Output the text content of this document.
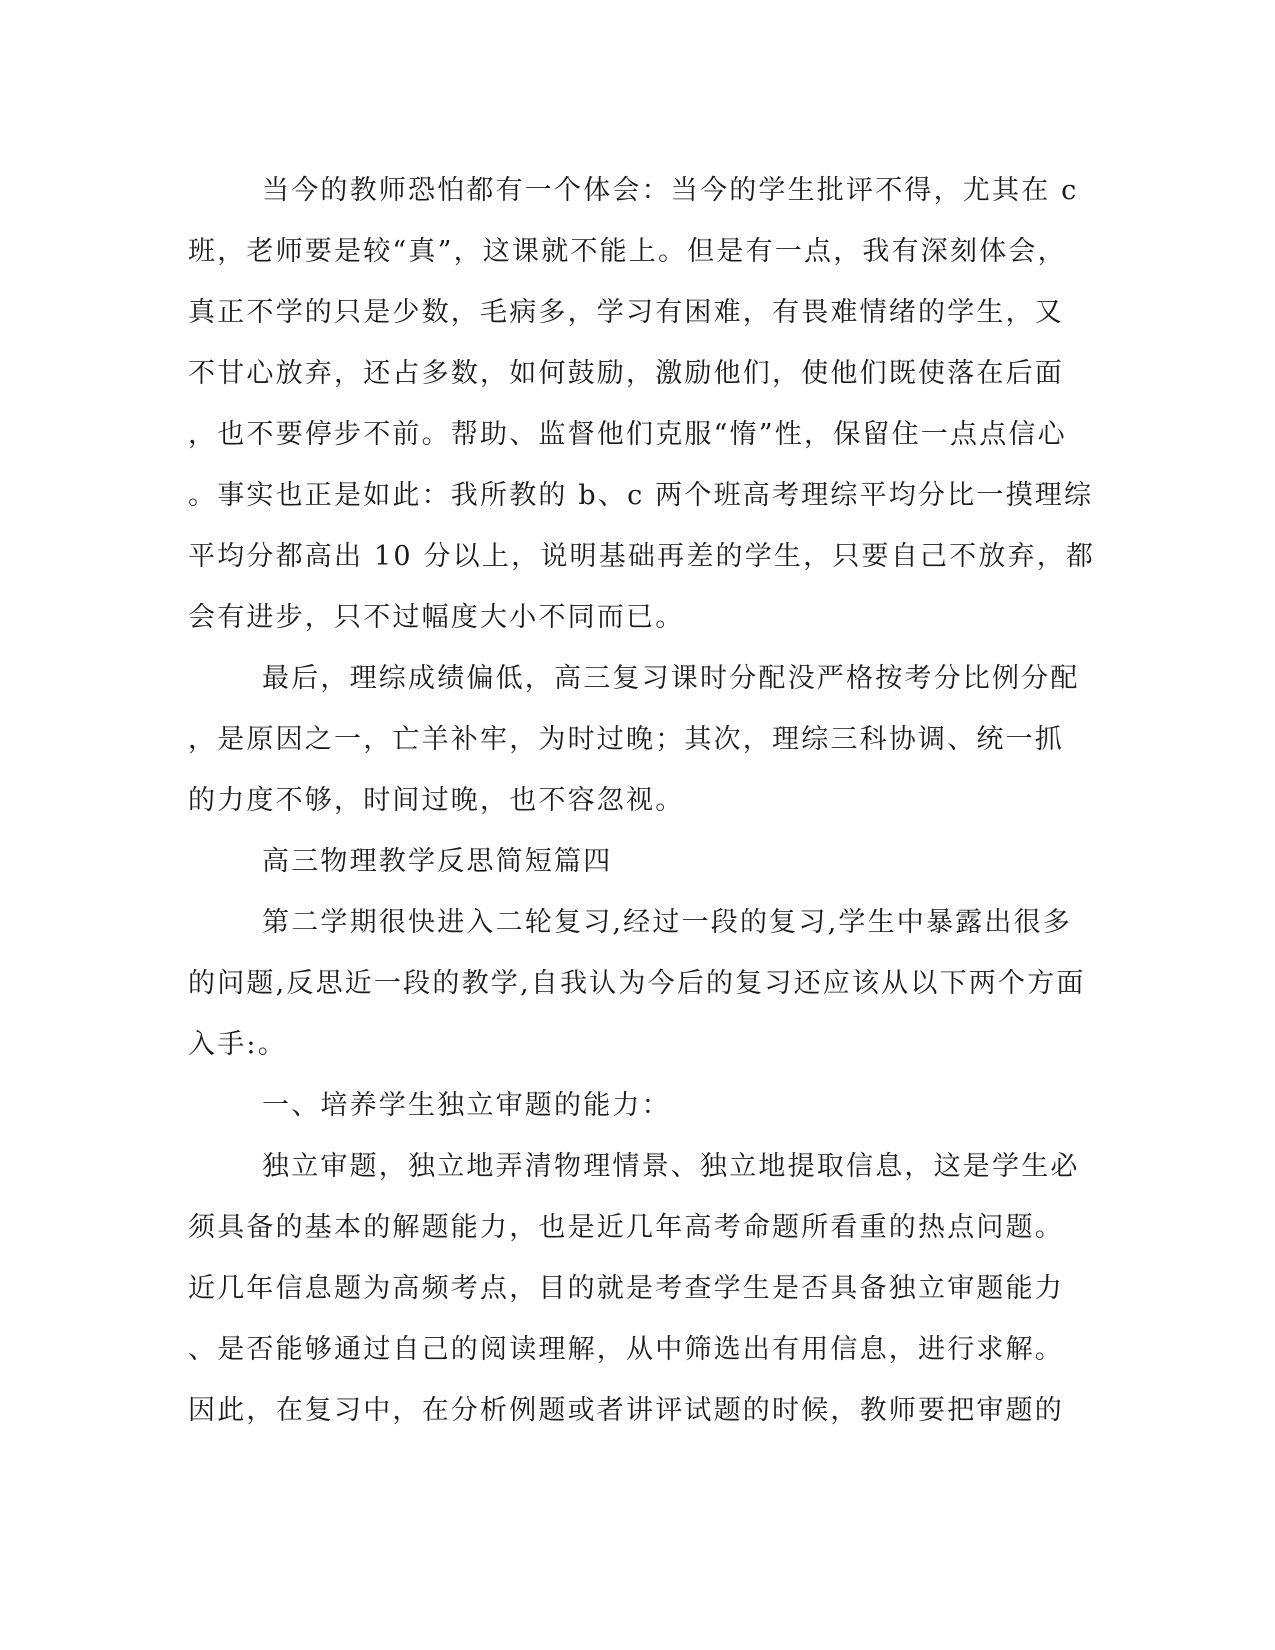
当今的教师恐怕都有一个体会：当今的学生批评不得，尤其在 c
班，老师要是较“真”，这课就不能上。但是有一点，我有深刻体会，
真正不学的只是少数，毛病多，学习有困难，有畏难情绪的学生，又
不甘心放弃，还占多数，如何鼓励，激励他们，使他们既使落在后面
，也不要停步不前。帮助、监督他们克服“惰”性，保留住一点点信心
。事实也正是如此：我所教的 b、c 两个班高考理综平均分比一摸理综
平均分都高出 10 分以上，说明基础再差的学生，只要自己不放弃，都
会有进步，只不过幅度大小不同而已。
最后，理综成绩偏低，高三复习课时分配没严格按考分比例分配
，是原因之一，亡羊补牢，为时过晚；其次，理综三科协调、统一抓
的力度不够，时间过晚，也不容忽视。
高三物理教学反思简短篇四
第二学期很快进入二轮复习,经过一段的复习,学生中暴露出很多
的问题,反思近一段的教学,自我认为今后的复习还应该从以下两个方面
入手:。
一、培养学生独立审题的能力：
独立审题，独立地弄清物理情景、独立地提取信息，这是学生必
须具备的基本的解题能力，也是近几年高考命题所看重的热点问题。
近几年信息题为高频考点，目的就是考查学生是否具备独立审题能力
、是否能够通过自己的阅读理解，从中筛选出有用信息，进行求解。
因此，在复习中，在分析例题或者讲评试题的时候，教师要把审题的
